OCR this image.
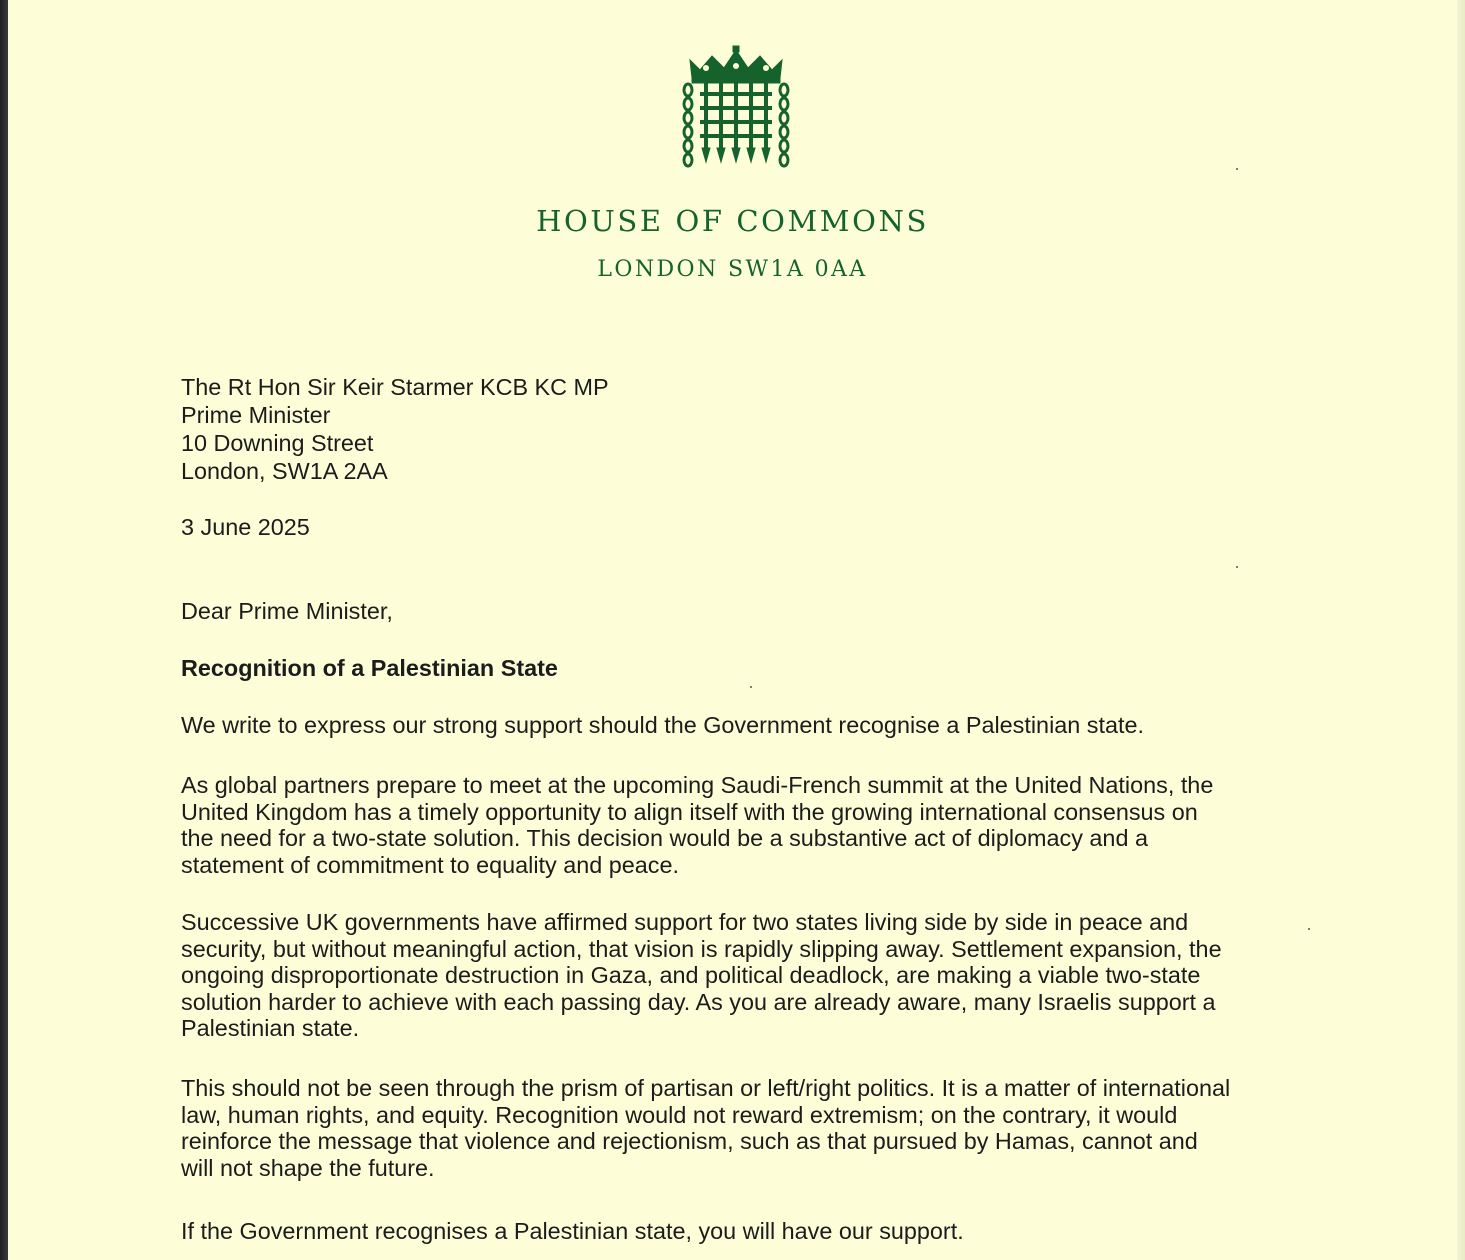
HOUSE OF COMMONS
LONDON SW1A 0AA
The Rt Hon Sir Keir Starmer KCB KC MP
Prime Minister
10 Downing Street
London, SW1A 2AA
3 June 2025
Dear Prime Minister,
Recognition of a Palestinian State
We write to express our strong support should the Government recognise a Palestinian state.
As global partners prepare to meet at the upcoming Saudi-French summit at the United Nations, the
United Kingdom has a timely opportunity to align itself with the growing international consensus on
the need for a two-state solution. This decision would be a substantive act of diplomacy and a
statement of commitment to equality and peace.
Successive UK governments have affirmed support for two states living side by side in peace and
security, but without meaningful action, that vision is rapidly slipping away. Settlement expansion, the
ongoing disproportionate destruction in Gaza, and political deadlock, are making a viable two-state
solution harder to achieve with each passing day. As you are already aware, many Israelis support a
Palestinian state.
This should not be seen through the prism of partisan or left/right politics. It is a matter of international
law, human rights, and equity. Recognition would not reward extremism; on the contrary, it would
reinforce the message that violence and rejectionism, such as that pursued by Hamas, cannot and
will not shape the future.
If the Government recognises a Palestinian state, you will have our support.
